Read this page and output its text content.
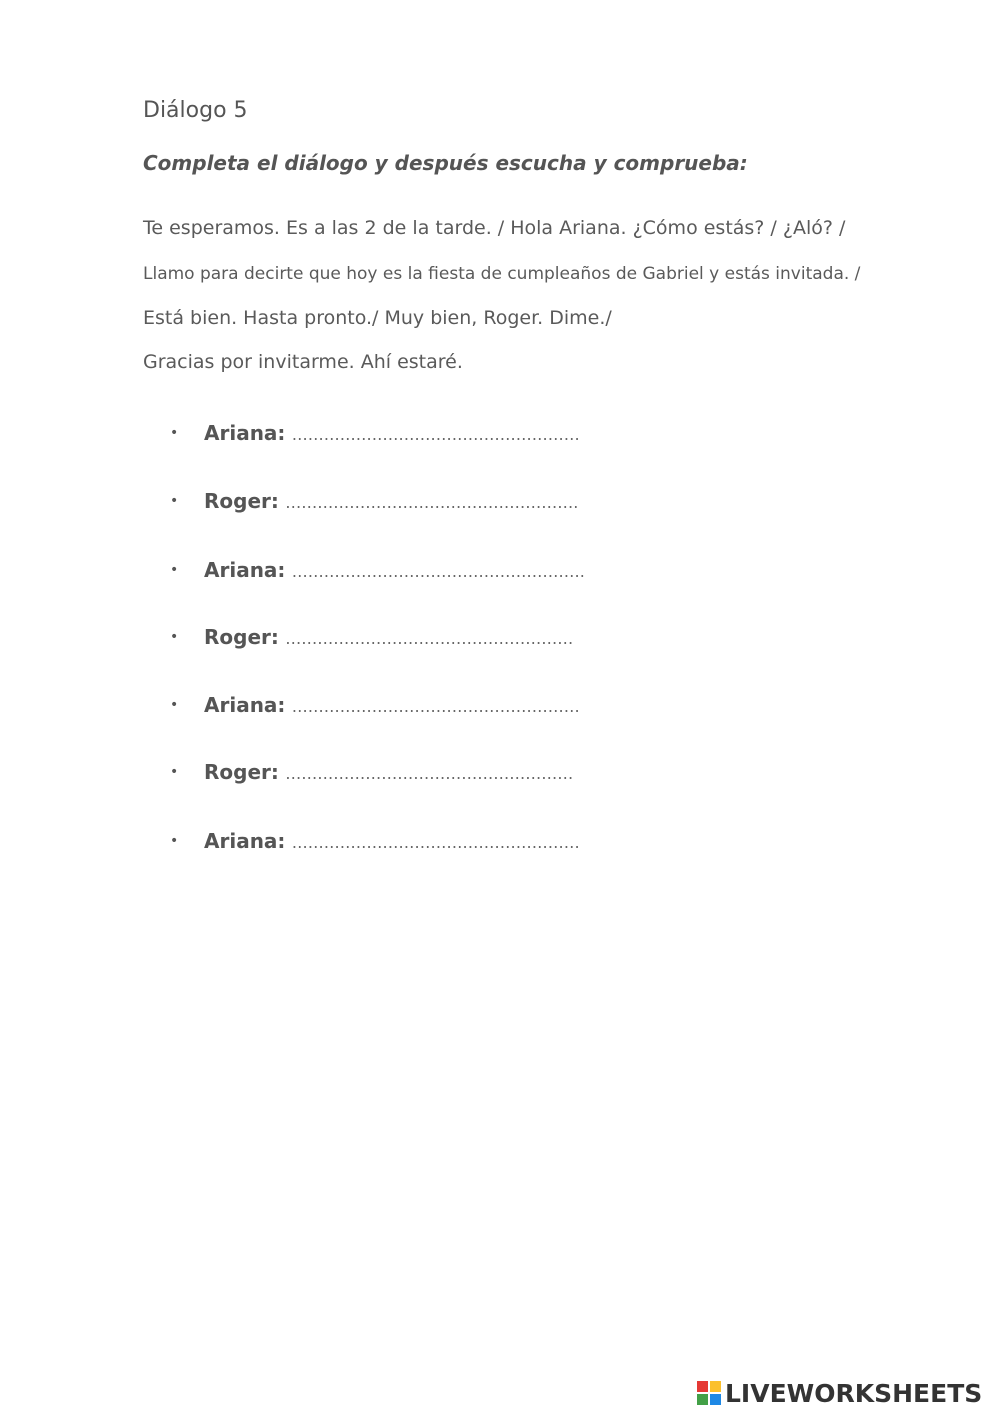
Diálogo 5
Completa el diálogo y después escucha y comprueba:
Te esperamos. Es a las 2 de la tarde. / Hola Ariana. ¿Cómo estás? / ¿Aló? /
Llamo para decirte que hoy es la fiesta de cumpleaños de Gabriel y estás invitada. /
Está bien. Hasta pronto./ Muy bien, Roger. Dime./
Gracias por invitarme. Ahí estaré.
• Ariana: ………………………………………………
• Roger: ……………………………………………….
• Ariana: ……………………………………………….
• Roger: ………………………………………………
• Ariana: ………………………………………………
• Roger: ………………………………………………
• Ariana: ………………………………………………
LIVEWORKSHEETS
